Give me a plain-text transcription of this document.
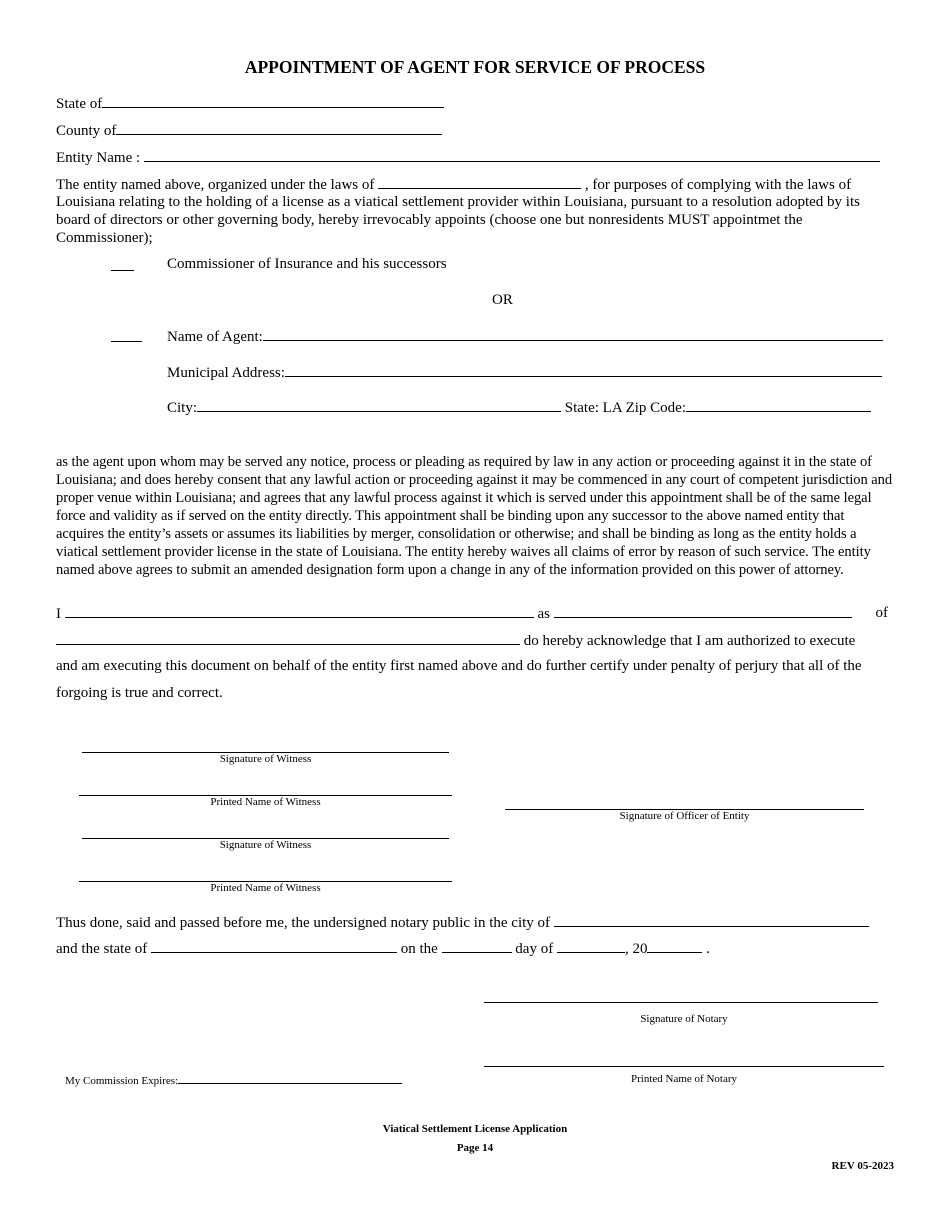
APPOINTMENT OF AGENT FOR SERVICE OF PROCESS
State of
County of
Entity Name :
The entity named above, organized under the laws of	, for purposes of complying with the laws of
Louisiana relating to the holding of a license as a viatical settlement provider within Louisiana, pursuant to a resolution adopted by its board of directors or other governing body, hereby irrevocably appoints (choose one but nonresidents MUST appointmet the Commissioner);
Commissioner of Insurance and his successors
OR
Name of Agent:
Municipal Address:
City:	State: LA Zip Code:
as the agent upon whom may be served any notice, process or pleading as required by law in any action or proceeding against it in the state of Louisiana; and does hereby consent that any lawful action or proceeding against it may be commenced in any court of competent jurisdiction and proper venue within Louisiana; and agrees that any lawful process against it which is served under this appointment shall be of the same legal force and validity as if served on the entity directly. This appointment shall be binding upon any successor to the above named entity that acquires the entity’s assets or assumes its liabilities by merger, consolidation or otherwise; and shall be binding as long as the entity holds a viatical settlement provider license in the state of Louisiana. The entity hereby waives all claims of error by reason of such service. The entity named above agrees to submit an amended designation form upon a change in any of the information provided on this power of attorney.
I	as	of
do hereby acknowledge that I am authorized to execute
and am executing this document on behalf of the entity first named above and do further certify under penalty of perjury that all of the
forgoing is true and correct.
Signature of Witness
Printed Name of Witness
Signature of Officer of Entity
Signature of Witness
Printed Name of Witness
Thus done, said and passed before me, the undersigned notary public in the city of
and the state of	on the	day of	, 20	.
Signature of Notary
Printed Name of Notary
My Commission Expires:
Viatical Settlement License Application
Page 14
REV 05-2023
